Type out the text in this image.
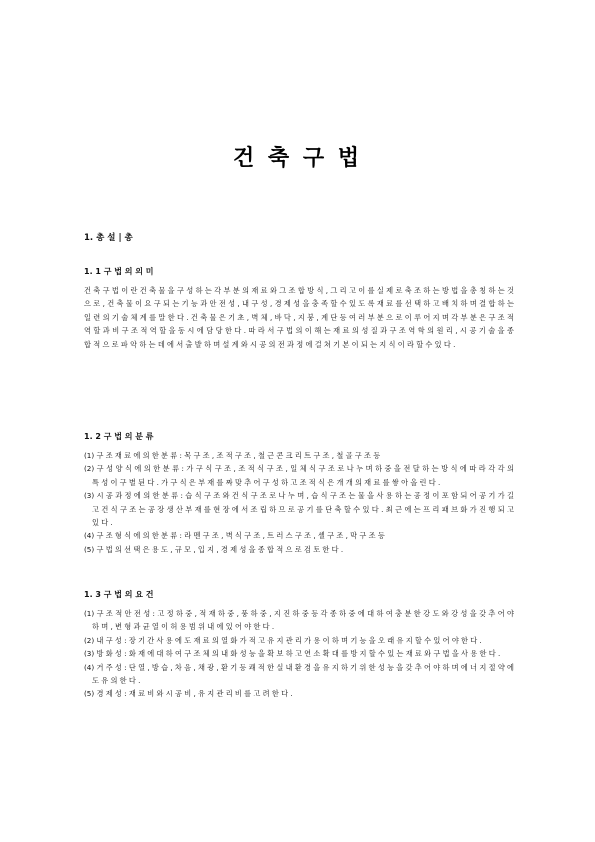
건 축 구 법
1. 총 설 | 총
1. 1 구 법 의 의 미

건 축 구 법 이 란 건 축 물 을 구 성 하 는 각 부 분 의 재 료 와 그 조 합 방 식 , 그 리 고 이 를 실 제 로 축 조 하 는 방 법 을 총 칭 하 는 것 으 로 , 건 축 물 이 요 구 되 는 기 능 과 안 전 성 , 내 구 성 , 경 제 성 을 충 족 할 수 있 도 록 재 료 를 선 택 하 고 배 치 하 며 결 합 하 는 일 련 의 기 술 체 계 를 말 한 다 . 건 축 물 은 기 초 , 벽 체 , 바 닥 , 지 붕 , 계 단 등 여 러 부 분 으 로 이 루 어 지 며 각 부 분 은 구 조 적 역 할 과 비 구 조 적 역 할 을 동 시 에 담 당 한 다 . 따 라 서 구 법 의 이 해 는 재 료 의 성 질 과 구 조 역 학 의 원 리 , 시 공 기 술 을 종 합 적 으 로 파 악 하 는 데 에 서 출 발 하 며 설 계 와 시 공 의 전 과 정 에 걸 쳐 기 본 이 되 는 지 식 이 라 할 수 있 다 .

1. 2 구 법 의 분 류

(1) 구 조 재 료 에 의 한 분 류 : 목 구 조 , 조 적 구 조 , 철 근 콘 크 리 트 구 조 , 철 골 구 조 등

(2) 구 성 양 식 에 의 한 분 류 : 가 구 식 구 조 , 조 적 식 구 조 , 일 체 식 구 조 로 나 누 며 하 중 을 전 달 하 는 방 식 에 따 라 각 각 의 특 성 이 구 별 된 다 . 가 구 식 은 부 재 를 짜 맞 추 어 구 성 하 고 조 적 식 은 개 개 의 재 료 를 쌓 아 올 린 다 .

(3) 시 공 과 정 에 의 한 분 류 : 습 식 구 조 와 건 식 구 조 로 나 누 며 , 습 식 구 조 는 물 을 사 용 하 는 공 정 이 포 함 되 어 공 기 가 길 고 건 식 구 조 는 공 장 생 산 부 재 를 현 장 에 서 조 립 하 므 로 공 기 를 단 축 할 수 있 다 . 최 근 에 는 프 리 패 브 화 가 진 행 되 고 있 다 .

(4) 구 조 형 식 에 의 한 분 류 : 라 멘 구 조 , 벽 식 구 조 , 트 러 스 구 조 , 셸 구 조 , 막 구 조 등

(5) 구 법 의 선 택 은 용 도 , 규 모 , 입 지 , 경 제 성 을 종 합 적 으 로 검 토 한 다 .

1. 3 구 법 의 요 건

(1) 구 조 적 안 전 성 : 고 정 하 중 , 적 재 하 중 , 풍 하 중 , 지 진 하 중 등 각 종 하 중 에 대 하 여 충 분 한 강 도 와 강 성 을 갖 추 어 야 하 며 , 변 형 과 균 열 이 허 용 범 위 내 에 있 어 야 한 다 .

(2) 내 구 성 : 장 기 간 사 용 에 도 재 료 의 열 화 가 적 고 유 지 관 리 가 용 이 하 며 기 능 을 오 래 유 지 할 수 있 어 야 한 다 .

(3) 방 화 성 : 화 재 에 대 하 여 구 조 체 의 내 화 성 능 을 확 보 하 고 연 소 확 대 를 방 지 할 수 있 는 재 료 와 구 법 을 사 용 한 다 .

(4) 거 주 성 : 단 열 , 방 습 , 차 음 , 채 광 , 환 기 등 쾌 적 한 실 내 환 경 을 유 지 하 기 위 한 성 능 을 갖 추 어 야 하 며 에 너 지 절 약 에 도 유 의 한 다 .

(5) 경 제 성 : 재 료 비 와 시 공 비 , 유 지 관 리 비 를 고 려 한 다 .
